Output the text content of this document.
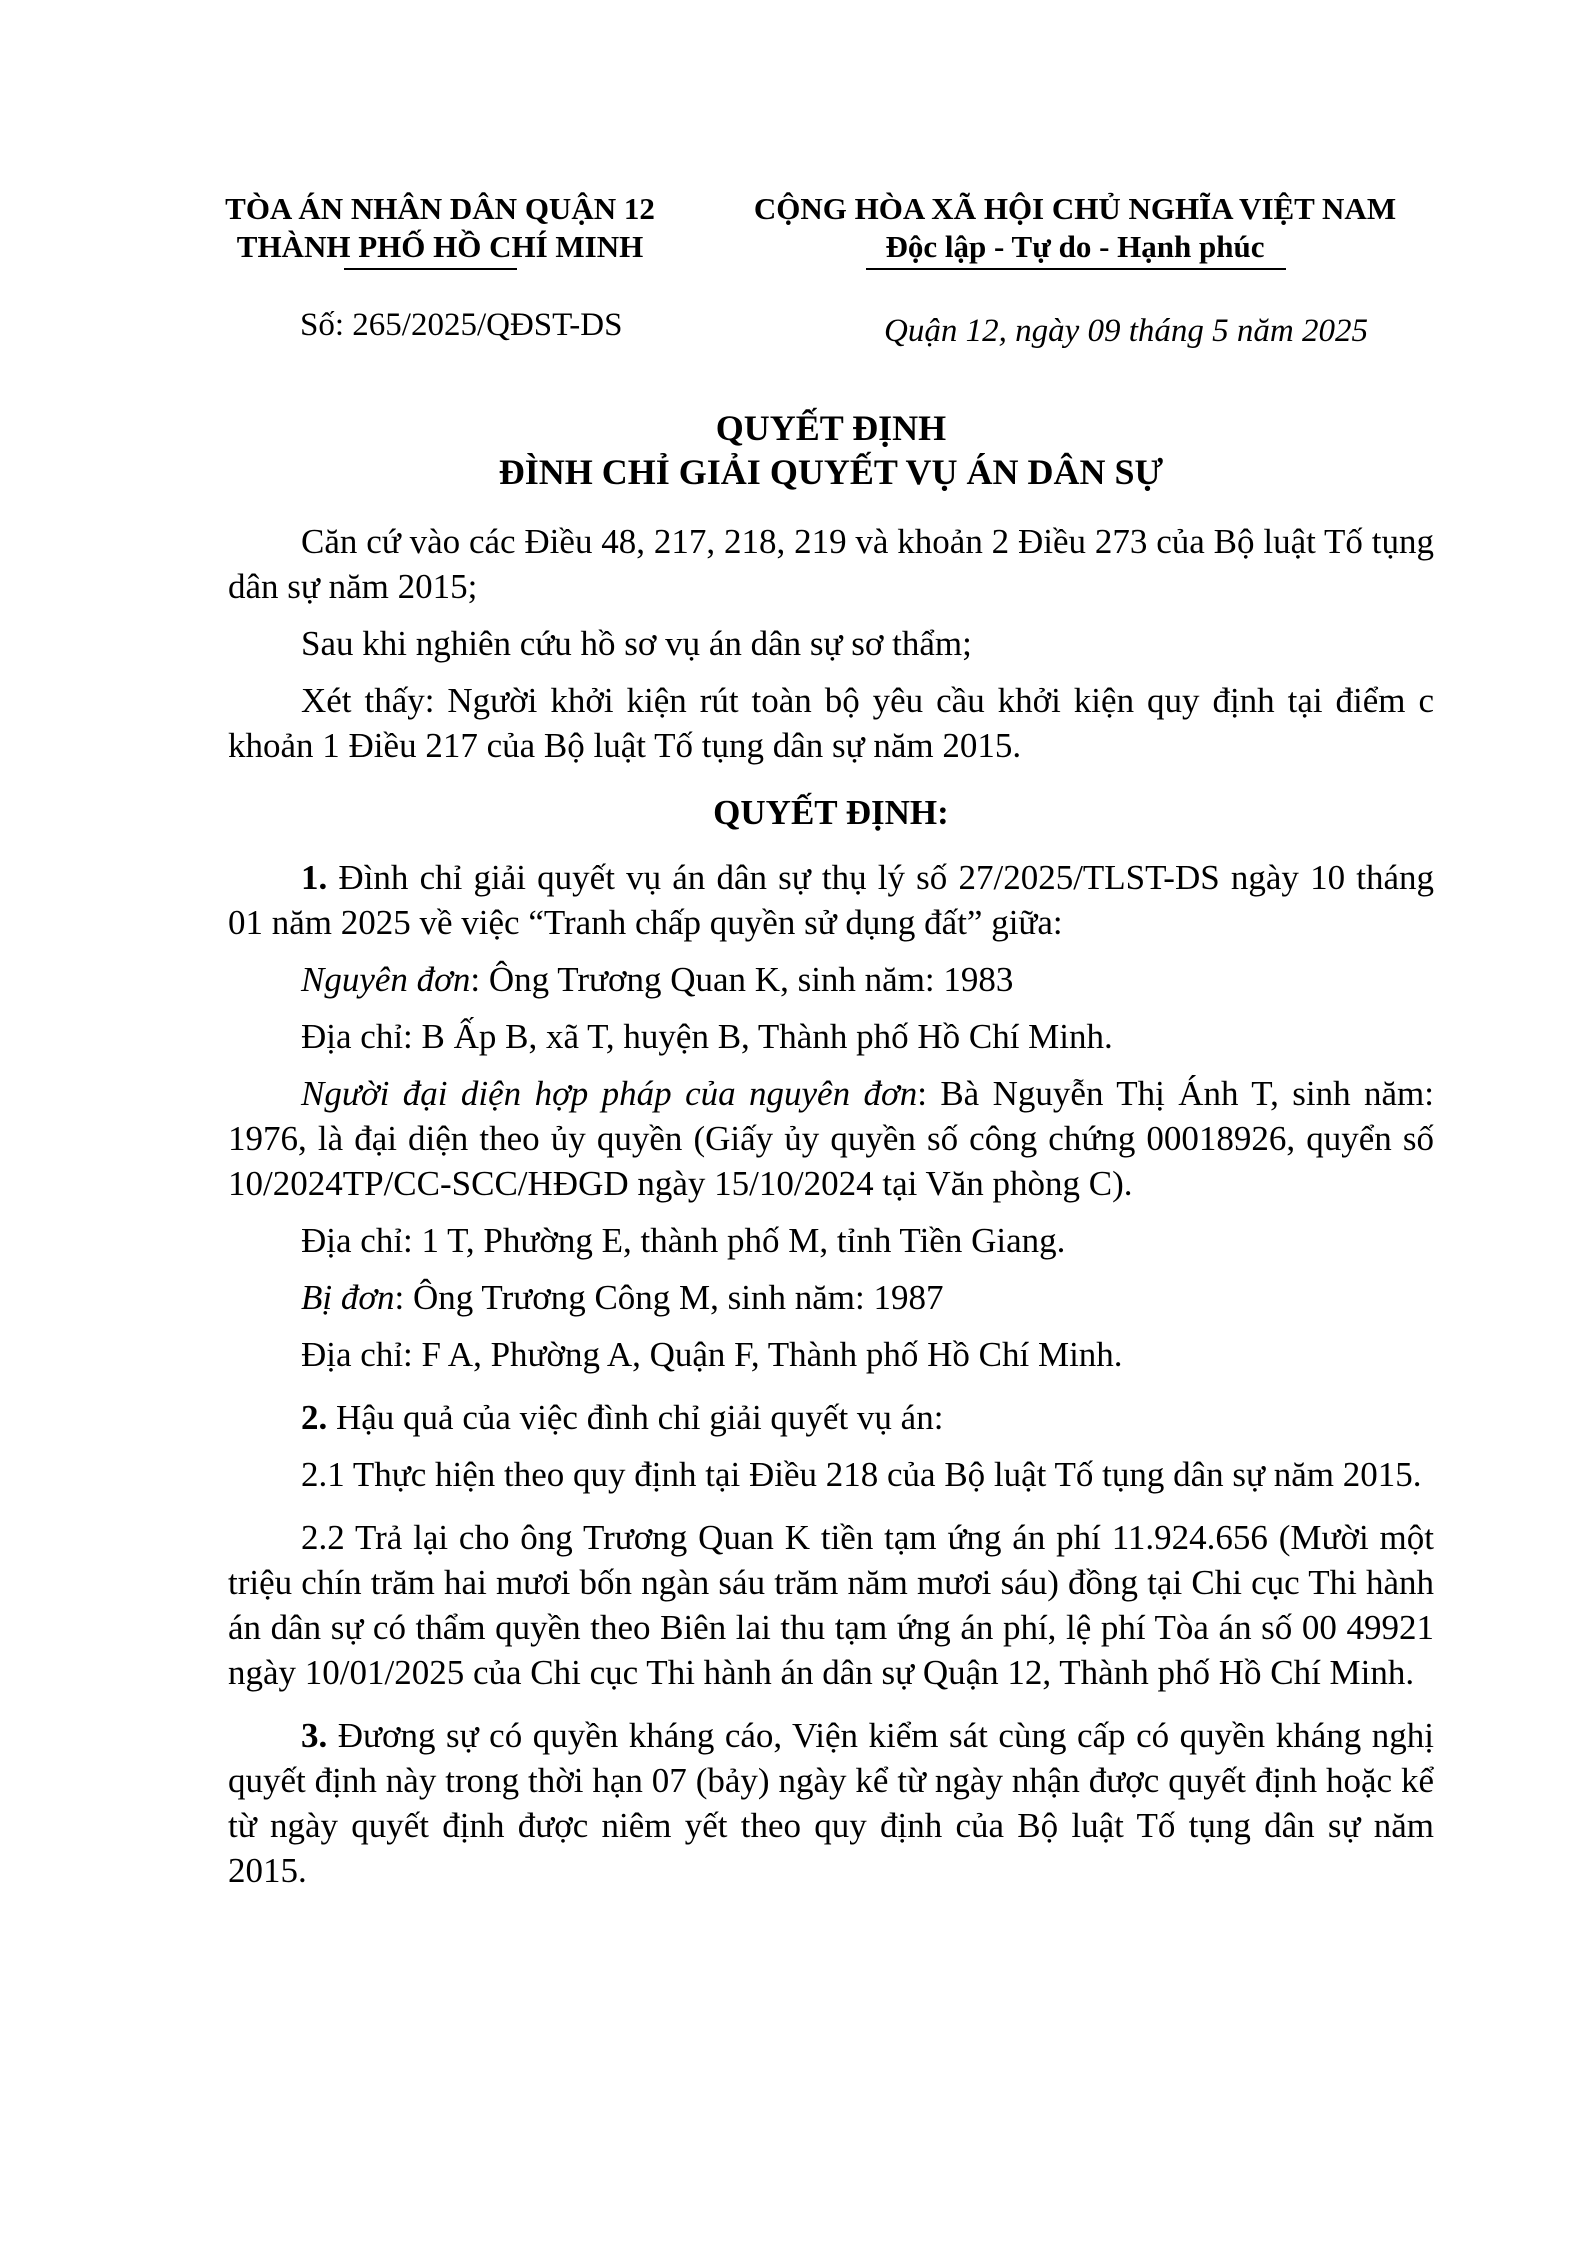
TÒA ÁN NHÂN DÂN QUẬN 12
THÀNH PHỐ HỒ CHÍ MINH
CỘNG HÒA XÃ HỘI CHỦ NGHĨA VIỆT NAM
Độc lập - Tự do - Hạnh phúc
Số: 265/2025/QĐST-DS	Quận 12, ngày 09 tháng 5 năm 2025
QUYẾT ĐỊNH
ĐÌNH CHỈ GIẢI QUYẾT VỤ ÁN DÂN SỰ

Căn cứ vào các Điều 48, 217, 218, 219 và khoản 2 Điều 273 của Bộ luật Tố tụng dân sự năm 2015;

Sau khi nghiên cứu hồ sơ vụ án dân sự sơ thẩm;

Xét thấy: Người khởi kiện rút toàn bộ yêu cầu khởi kiện quy định tại điểm c khoản 1 Điều 217 của Bộ luật Tố tụng dân sự năm 2015.

QUYẾT ĐỊNH:

1. Đình chỉ giải quyết vụ án dân sự thụ lý số 27/2025/TLST-DS ngày 10 tháng 01 năm 2025 về việc “Tranh chấp quyền sử dụng đất” giữa:

Nguyên đơn: Ông Trương Quan K, sinh năm: 1983

Địa chỉ: B Ấp B, xã T, huyện B, Thành phố Hồ Chí Minh.

Người đại diện hợp pháp của nguyên đơn: Bà Nguyễn Thị Ánh T, sinh năm: 1976, là đại diện theo ủy quyền (Giấy ủy quyền số công chứng 00018926, quyển số 10/2024TP/CC-SCC/HĐGD ngày 15/10/2024 tại Văn phòng C).

Địa chỉ: 1 T, Phường E, thành phố M, tỉnh Tiền Giang.

Bị đơn: Ông Trương Công M, sinh năm: 1987

Địa chỉ: F A, Phường A, Quận F, Thành phố Hồ Chí Minh.

2. Hậu quả của việc đình chỉ giải quyết vụ án:

2.1 Thực hiện theo quy định tại Điều 218 của Bộ luật Tố tụng dân sự năm 2015.

2.2 Trả lại cho ông Trương Quan K tiền tạm ứng án phí 11.924.656 (Mười một triệu chín trăm hai mươi bốn ngàn sáu trăm năm mươi sáu) đồng tại Chi cục Thi hành án dân sự có thẩm quyền theo Biên lai thu tạm ứng án phí, lệ phí Tòa án số 00 49921 ngày 10/01/2025 của Chi cục Thi hành án dân sự Quận 12, Thành phố Hồ Chí Minh.

3. Đương sự có quyền kháng cáo, Viện kiểm sát cùng cấp có quyền kháng nghị quyết định này trong thời hạn 07 (bảy) ngày kể từ ngày nhận được quyết định hoặc kể từ ngày quyết định được niêm yết theo quy định của Bộ luật Tố tụng dân sự năm 2015.
